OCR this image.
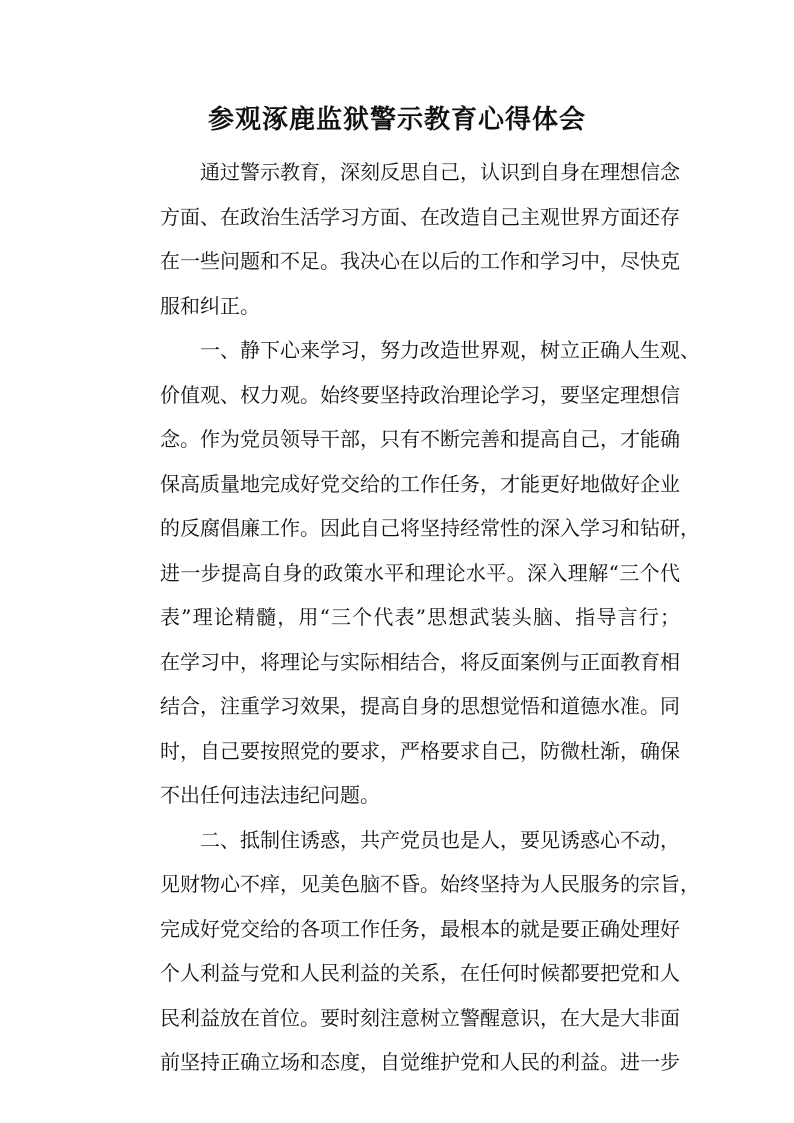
参观涿鹿监狱警示教育心得体会
通过警示教育，深刻反思自己，认识到自身在理想信念
方面、在政治生活学习方面、在改造自己主观世界方面还存
在一些问题和不足。我决心在以后的工作和学习中，尽快克
服和纠正。
一、静下心来学习，努力改造世界观，树立正确人生观、
价值观、权力观。始终要坚持政治理论学习，要坚定理想信
念。作为党员领导干部，只有不断完善和提高自己，才能确
保高质量地完成好党交给的工作任务，才能更好地做好企业
的反腐倡廉工作。因此自己将坚持经常性的深入学习和钻研，
进一步提高自身的政策水平和理论水平。深入理解“三个代
表”理论精髓，用“三个代表”思想武装头脑、指导言行；
在学习中，将理论与实际相结合，将反面案例与正面教育相
结合，注重学习效果，提高自身的思想觉悟和道德水准。同
时，自己要按照党的要求，严格要求自己，防微杜渐，确保
不出任何违法违纪问题。
二、抵制住诱惑，共产党员也是人，要见诱惑心不动，
见财物心不痒，见美色脑不昏。始终坚持为人民服务的宗旨，
完成好党交给的各项工作任务，最根本的就是要正确处理好
个人利益与党和人民利益的关系，在任何时候都要把党和人
民利益放在首位。要时刻注意树立警醒意识，在大是大非面
前坚持正确立场和态度，自觉维护党和人民的利益。进一步
